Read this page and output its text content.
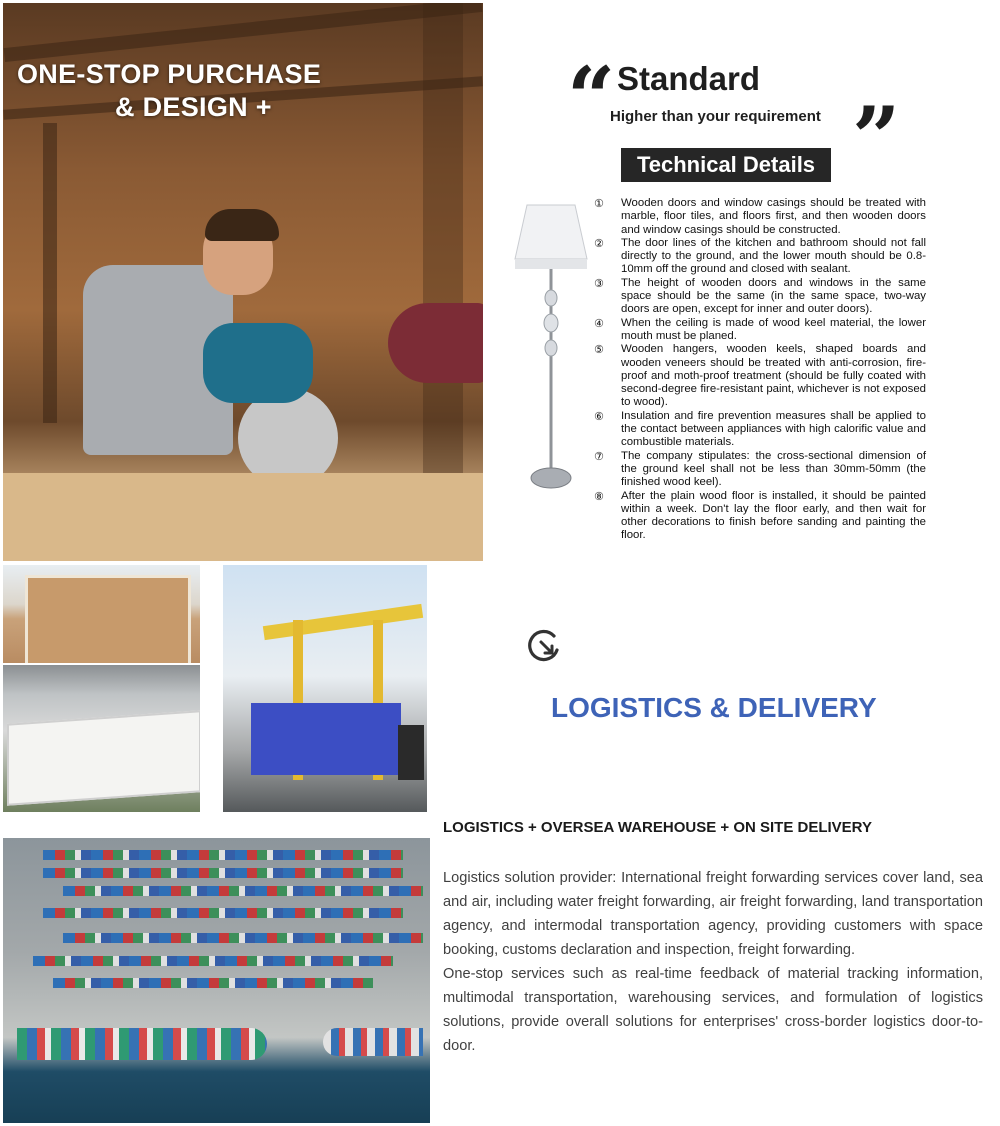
ONE-STOP PURCHASE

& DESIGN +	“ Standard
Higher than your requirement ”
Technical Details
① Wooden doors and window casings should be treated with marble, floor tiles, and floors first, and then wooden doors and window casings should be constructed.
② The door lines of the kitchen and bathroom should not fall directly to the ground, and the lower mouth should be 0.8-10mm off the ground and closed with sealant.
③ The height of wooden doors and windows in the same space should be the same (in the same space, two-way doors are open, except for inner and outer doors).
④ When the ceiling is made of wood keel material, the lower mouth must be planed.
⑤ Wooden hangers, wooden keels, shaped boards and wooden veneers should be treated with anti-corrosion, fire-proof and moth-proof treatment (should be fully coated with second-degree fire-resistant paint, whichever is not exposed to wood).
⑥ Insulation and fire prevention measures shall be applied to the contact between appliances with high calorific value and combustible materials.
⑦ The company stipulates: the cross-sectional dimension of the ground keel shall not be less than 30mm-50mm (the finished wood keel).
⑧ After the plain wood floor is installed, it should be painted within a week. Don't lay the floor early, and then wait for other decorations to finish before sanding and painting the floor.
LOGISTICS & DELIVERY
LOGISTICS + OVERSEA WAREHOUSE + ON SITE DELIVERY

Logistics solution provider: International freight forwarding services cover land, sea and air, including water freight forwarding, air freight forwarding, land transportation agency, and intermodal transportation agency, providing customers with space booking, customs declaration and inspection, freight forwarding.

One-stop services such as real-time feedback of material tracking information, multimodal transportation, warehousing services, and formulation of logistics solutions, provide overall solutions for enterprises' cross-border logistics door-to-door.
